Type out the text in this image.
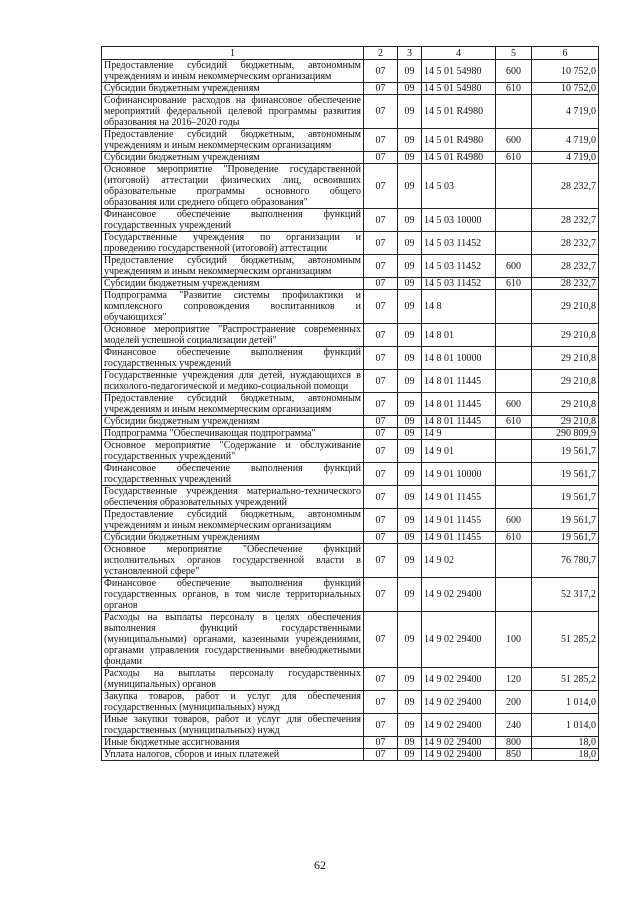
1	2	3	4	5	6
Предоставление субсидий бюджетным, автономным учреждениям и иным некоммерческим организациям	07	09	14 5 01 54980	600	10 752,0
Субсидии бюджетным учреждениям	07	09	14 5 01 54980	610	10 752,0
Софинансирование расходов на финансовое обеспечение мероприятий федеральной целевой программы развития образования на 2016–2020 годы	07	09	14 5 01 R4980		4 719,0
Предоставление субсидий бюджетным, автономным учреждениям и иным некоммерческим организациям	07	09	14 5 01 R4980	600	4 719,0
Субсидии бюджетным учреждениям	07	09	14 5 01 R4980	610	4 719,0
Основное мероприятие "Проведение государственной (итоговой) аттестации физических лиц, освоивших образовательные программы основного общего образования или среднего общего образования"	07	09	14 5 03		28 232,7
Финансовое обеспечение выполнения функций государственных учреждений	07	09	14 5 03 10000		28 232,7
Государственные учреждения по организации и проведению государственной (итоговой) аттестации	07	09	14 5 03 11452		28 232,7
Предоставление субсидий бюджетным, автономным учреждениям и иным некоммерческим организациям	07	09	14 5 03 11452	600	28 232,7
Субсидии бюджетным учреждениям	07	09	14 5 03 11452	610	28 232,7
Подпрограмма "Развитие системы профилактики и комплексного сопровождения воспитанников и обучающихся"	07	09	14 8		29 210,8
Основное мероприятие "Распространение современных моделей успешной социализации детей"	07	09	14 8 01		29 210,8
Финансовое обеспечение выполнения функций государственных учреждений	07	09	14 8 01 10000		29 210,8
Государственные учреждения для детей, нуждающихся в психолого-педагогической и медико-социальной помощи	07	09	14 8 01 11445		29 210,8
Предоставление субсидий бюджетным, автономным учреждениям и иным некоммерческим организациям	07	09	14 8 01 11445	600	29 210,8
Субсидии бюджетным учреждениям	07	09	14 8 01 11445	610	29 210,8
Подпрограмма "Обеспечивающая подпрограмма"	07	09	14 9		290 809,9
Основное мероприятие "Содержание и обслуживание государственных учреждений"	07	09	14 9 01		19 561,7
Финансовое обеспечение выполнения функций государственных учреждений	07	09	14 9 01 10000		19 561,7
Государственные учреждения материально-технического обеспечения образовательных учреждений	07	09	14 9 01 11455		19 561,7
Предоставление субсидий бюджетным, автономным учреждениям и иным некоммерческим организациям	07	09	14 9 01 11455	600	19 561,7
Субсидии бюджетным учреждениям	07	09	14 9 01 11455	610	19 561,7
Основное мероприятие "Обеспечение функций исполнительных органов государственной власти в установленной сфере"	07	09	14 9 02		76 780,7
Финансовое обеспечение выполнения функций государственных органов, в том числе территориальных органов	07	09	14 9 02 29400		52 317,2
Расходы на выплаты персоналу в целях обеспечения выполнения функций государственными (муниципальными) органами, казенными учреждениями, органами управления государственными внебюджетными фондами	07	09	14 9 02 29400	100	51 285,2
Расходы на выплаты персоналу государственных (муниципальных) органов	07	09	14 9 02 29400	120	51 285,2
Закупка товаров, работ и услуг для обеспечения государственных (муниципальных) нужд	07	09	14 9 02 29400	200	1 014,0
Иные закупки товаров, работ и услуг для обеспечения государственных (муниципальных) нужд	07	09	14 9 02 29400	240	1 014,0
Иные бюджетные ассигнования	07	09	14 9 02 29400	800	18,0
Уплата налогов, сборов и иных платежей	07	09	14 9 02 29400	850	18,0
62
